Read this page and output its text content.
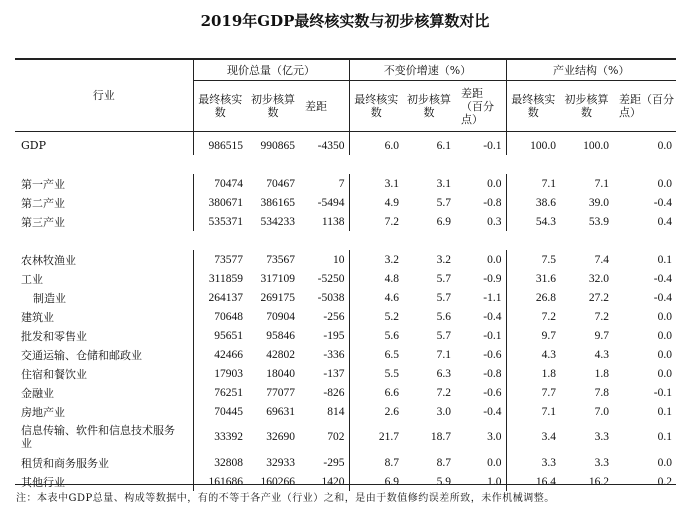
2019年GDP最终核实数与初步核算数对比
行业	现价总量（亿元）			不变价增速（%）			产业结构（%）		
	最终核实数	初步核算数	差距	最终核实数	初步核算数	差距（百分点）	最终核实数	初步核算数	差距（百分点）
GDP	986515	990865	-4350	6.0	6.1	-0.1	100.0	100.0	0.0

第一产业	70474	70467	7	3.1	3.1	0.0	7.1	7.1	0.0
第二产业	380671	386165	-5494	4.9	5.7	-0.8	38.6	39.0	-0.4
第三产业	535371	534233	1138	7.2	6.9	0.3	54.3	53.9	0.4

农林牧渔业	73577	73567	10	3.2	3.2	0.0	7.5	7.4	0.1
工业	311859	317109	-5250	4.8	5.7	-0.9	31.6	32.0	-0.4
制造业	264137	269175	-5038	4.6	5.7	-1.1	26.8	27.2	-0.4
建筑业	70648	70904	-256	5.2	5.6	-0.4	7.2	7.2	0.0
批发和零售业	95651	95846	-195	5.6	5.7	-0.1	9.7	9.7	0.0
交通运输、仓储和邮政业	42466	42802	-336	6.5	7.1	-0.6	4.3	4.3	0.0
住宿和餐饮业	17903	18040	-137	5.5	6.3	-0.8	1.8	1.8	0.0
金融业	76251	77077	-826	6.6	7.2	-0.6	7.7	7.8	-0.1
房地产业	70445	69631	814	2.6	3.0	-0.4	7.1	7.0	0.1
信息传输、软件和信息技术服务业	33392	32690	702	21.7	18.7	3.0	3.4	3.3	0.1
租赁和商务服务业	32808	32933	-295	8.7	8.7	0.0	3.3	3.3	0.0
其他行业	161686	160266	1420	6.9	5.9	1.0	16.4	16.2	0.2
注：本表中GDP总量、构成等数据中，有的不等于各产业（行业）之和，是由于数值修约误差所致，未作机械调整。
